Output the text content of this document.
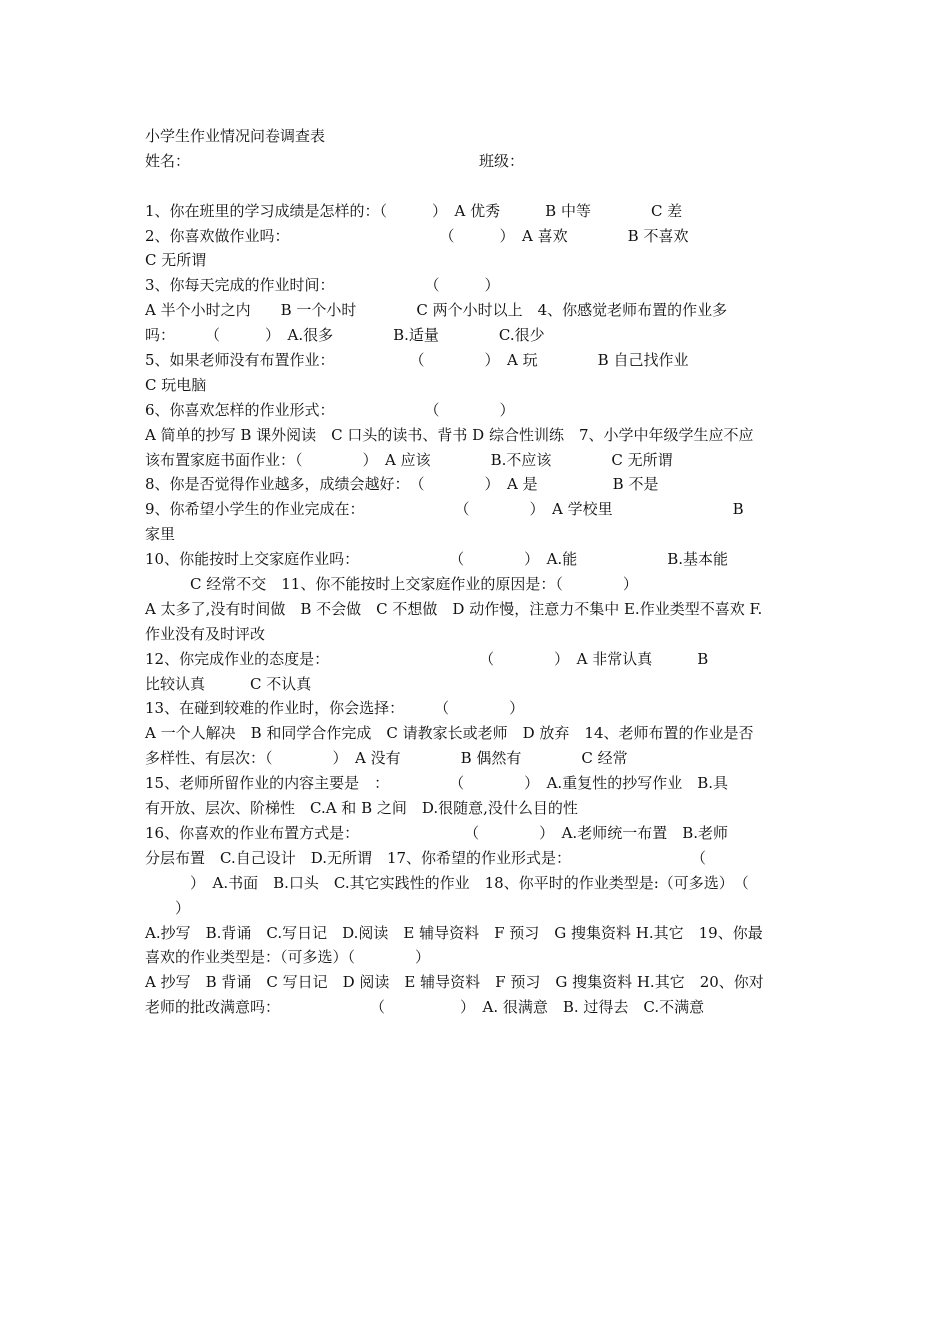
小学生作业情况问卷调查表
姓名：	班级：
1、你在班里的学习成绩是怎样的：（　　　）　A 优秀　　　B 中等　　　　C 差
2、你喜欢做作业吗：　　　　　　　　　　　（　　　）　A 喜欢　　　　B 不喜欢
C 无所谓
3、你每天完成的作业时间：　　　　　　　（　　　）
A 半个小时之内　　B 一个小时　　　　C 两个小时以上　4、你感觉老师布置的作业多
吗：　　　（　　　）　A.很多　　　　B.适量　　　　C.很少
5、如果老师没有布置作业：　　　　　　（　　　　）　A 玩　　　　B 自己找作业
C 玩电脑
6、你喜欢怎样的作业形式：　　　　　　　（　　　　）
A 简单的抄写 B 课外阅读　C 口头的读书、背书 D 综合性训练　7、小学中年级学生应不应
该布置家庭书面作业：（　　　　）　A 应该　　　　B.不应该　　　　C 无所谓
8、你是否觉得作业越多，成绩会越好：　（　　　　）　A 是　　　　　B 不是
9、你希望小学生的作业完成在：　　　　　　　（　　　　）　A 学校里　　　　　　　　B
家里
10、你能按时上交家庭作业吗：　　　　　　　（　　　　）　A.能　　　　　　B.基本能
　　　C 经常不交　11、你不能按时上交家庭作业的原因是：（　　　　）
A 太多了,没有时间做　B 不会做　C 不想做　D 动作慢，注意力不集中 E.作业类型不喜欢 F.
作业没有及时评改
12、你完成作业的态度是：　　　　　　　　　　　（　　　　）　A 非常认真　　　B
比较认真　　　C 不认真
13、在碰到较难的作业时，你会选择：　　　（　　　　）
A 一个人解决　B 和同学合作完成　C 请教家长或老师　D 放弃　14、老师布置的作业是否
多样性、有层次：（　　　　）　A 没有　　　　B 偶然有　　　　C 经常
15、老师所留作业的内容主要是　：　　　　　（　　　　）　A.重复性的抄写作业　B.具
有开放、层次、阶梯性　C.A 和 B 之间　D.很随意,没什么目的性
16、你喜欢的作业布置方式是：　　　　　　　　（　　　　）　A.老师统一布置　B.老师
分层布置　C.自己设计　D.无所谓　17、你希望的作业形式是：　　　　　　　　　（
　　　）　A.书面　B.口头　C.其它实践性的作业　18、你平时的作业类型是:（可多选）　（
　　）
A.抄写　B.背诵　C.写日记　D.阅读　E 辅导资料　F 预习　G 搜集资料 H.其它　19、你最
喜欢的作业类型是：（可多选）（　　　　）
A 抄写　B 背诵　C 写日记　D 阅读　E 辅导资料　F 预习　G 搜集资料 H.其它　20、你对
老师的批改满意吗：　　　　　　　（　　　　　）　A. 很满意　B. 过得去　C.不满意
